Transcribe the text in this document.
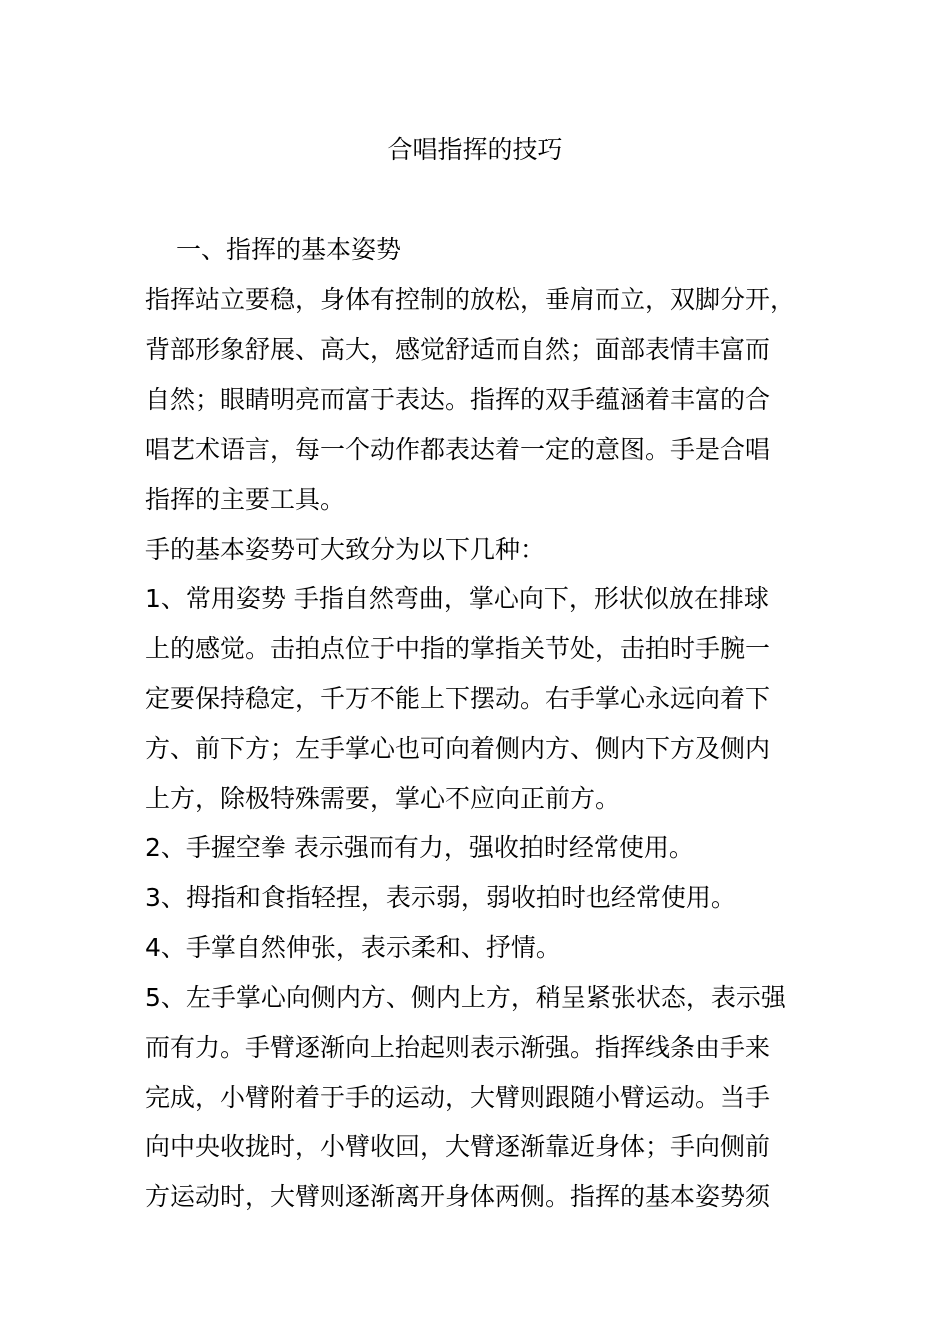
合唱指挥的技巧
一、指挥的基本姿势

指挥站立要稳，身体有控制的放松，垂肩而立，双脚分开，

背部形象舒展、高大，感觉舒适而自然；面部表情丰富而

自然；眼睛明亮而富于表达。指挥的双手蕴涵着丰富的合

唱艺术语言，每一个动作都表达着一定的意图。手是合唱

指挥的主要工具。

手的基本姿势可大致分为以下几种：

1、常用姿势 手指自然弯曲，掌心向下，形状似放在排球

上的感觉。击拍点位于中指的掌指关节处，击拍时手腕一

定要保持稳定，千万不能上下摆动。右手掌心永远向着下

方、前下方；左手掌心也可向着侧内方、侧内下方及侧内

上方，除极特殊需要，掌心不应向正前方。

2、手握空拳 表示强而有力，强收拍时经常使用。

3、拇指和食指轻捏，表示弱，弱收拍时也经常使用。

4、手掌自然伸张，表示柔和、抒情。

5、左手掌心向侧内方、侧内上方，稍呈紧张状态，表示强

而有力。手臂逐渐向上抬起则表示渐强。指挥线条由手来

完成，小臂附着于手的运动，大臂则跟随小臂运动。当手

向中央收拢时，小臂收回，大臂逐渐靠近身体；手向侧前

方运动时，大臂则逐渐离开身体两侧。指挥的基本姿势须
